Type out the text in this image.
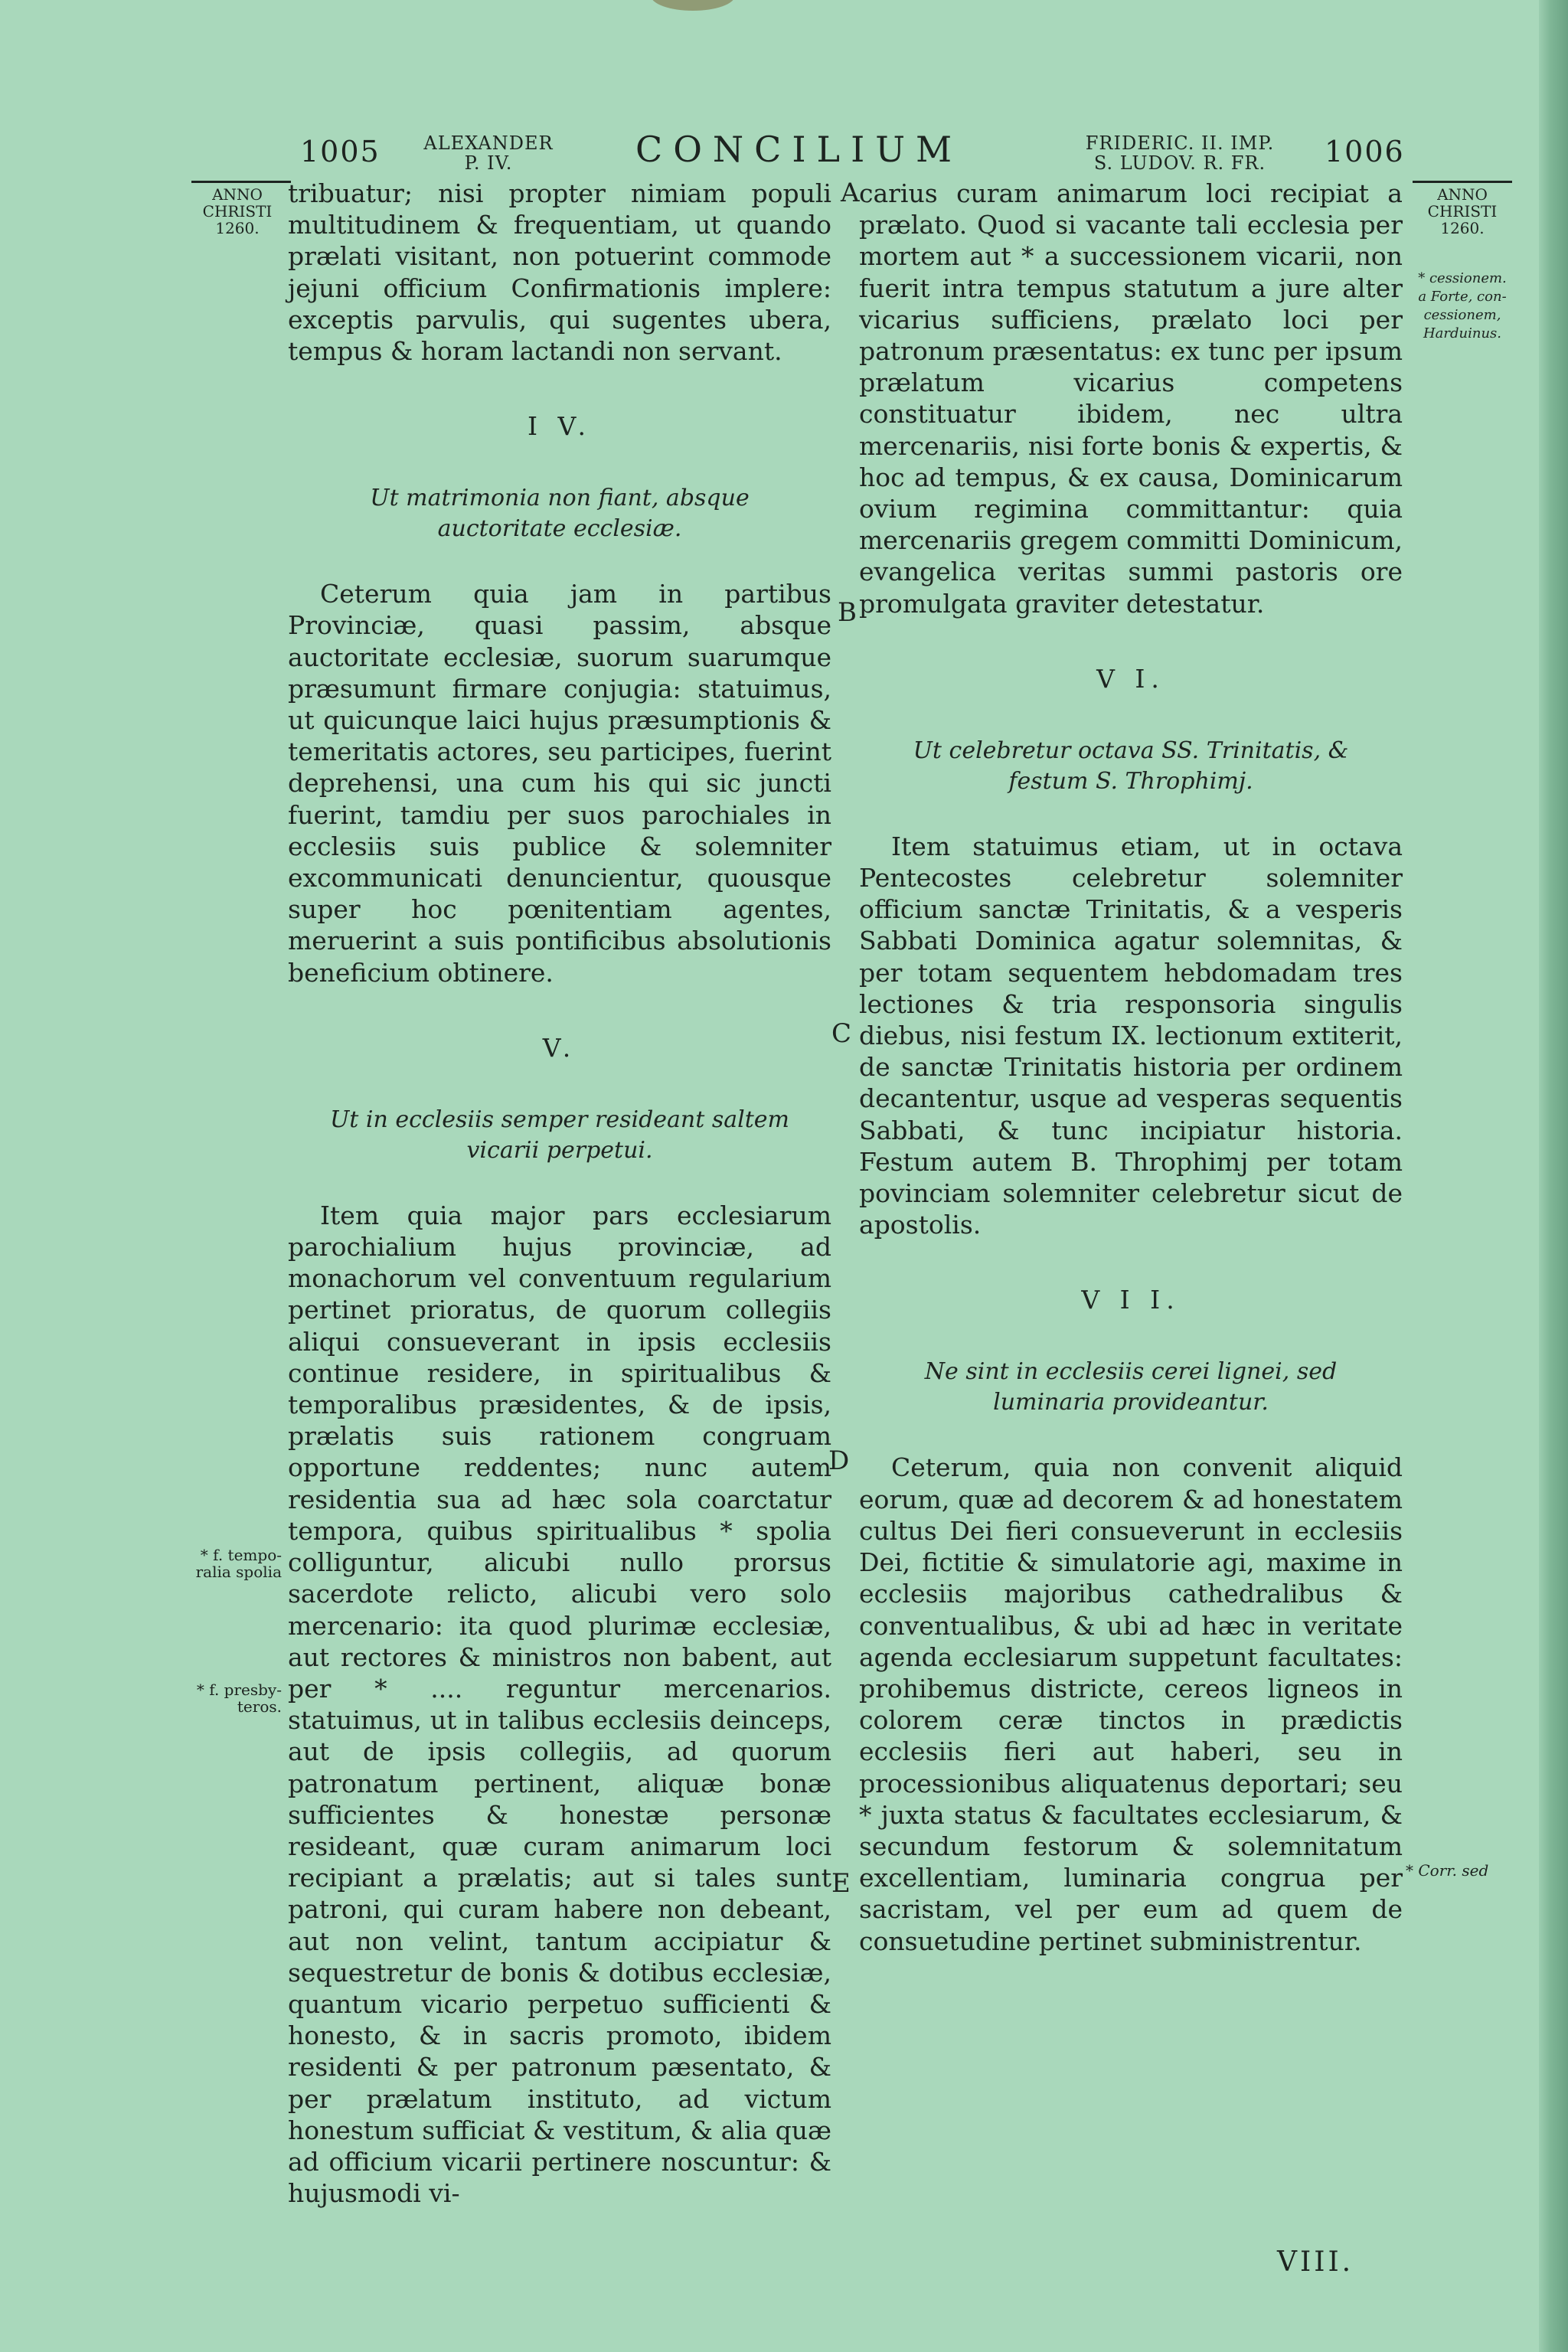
1005 ALEXANDER
P. IV.	CONCILIUM	FRIDERIC. II. IMP.
S. LUDOV. R. FR.	1006

tribuatur; nisi propter nimiam populi multitudinem & frequentiam, ut quando prælati visitant, non potuerint commode jejuni officium Confirmationis implere: exceptis parvulis, qui sugentes ubera, tempus & horam lactandi non servant.

I V.
Ut matrimonia non fiant, absque auctoritate ecclesiæ.

Ceterum quia jam in partibus Provinciæ, quasi passim, absque auctoritate ecclesiæ, suorum suarumque præsumunt firmare conjugia: statuimus, ut quicunque laici hujus præsumptionis & temeritatis actores, seu participes, fuerint deprehensi, una cum his qui sic juncti fuerint, tamdiu per suos parochiales in ecclesiis suis publice & solemniter excommunicati denuncientur, quousque super hoc pœnitentiam agentes, meruerint a suis pontificibus absolutionis beneficium obtinere.

V.
Ut in ecclesiis semper resideant saltem vicarii perpetui.

Item quia major pars ecclesiarum parochialium hujus provinciæ, ad monachorum vel conventuum regularium pertinet prioratus, de quorum collegiis aliqui consueverant in ipsis ecclesiis continue residere, in spiritualibus & temporalibus præsidentes, & de ipsis, prælatis suis rationem congruam opportune reddentes; nunc autem residentia sua ad hæc sola coarctatur tempora, quibus spiritualibus * spolia colliguntur, alicubi nullo prorsus sacerdote relicto, alicubi vero solo mercenario: ita quod plurimæ ecclesiæ, aut rectores & ministros non babent, aut per * .... reguntur mercenarios. statuimus, ut in talibus ecclesiis deinceps, aut de ipsis collegiis, ad quorum patronatum pertinent, aliquæ bonæ sufficientes & honestæ personæ resideant, quæ curam animarum loci recipiant a prælatis; aut si tales sunt patroni, qui curam habere non debeant, aut non velint, tantum accipiatur & sequestretur de bonis & dotibus ecclesiæ, quantum vicario perpetuo sufficienti & honesto, & in sacris promoto, ibidem residenti & per patronum pæsentato, & per prælatum instituto, ad victum honestum sufficiat & vestitum, & alia quæ ad officium vicarii pertinere noscuntur: & hujusmodi vi-

carius curam animarum loci recipiat a prælato. Quod si vacante tali ecclesia per mortem aut * a successionem vicarii, non fuerit intra tempus statutum a jure alter vicarius sufficiens, prælato loci per patronum præsentatus: ex tunc per ipsum prælatum vicarius competens constituatur ibidem, nec ultra mercenariis, nisi forte bonis & expertis, & hoc ad tempus, & ex causa, Dominicarum ovium regimina committantur: quia mercenariis gregem committi Dominicum, evangelica veritas summi pastoris ore promulgata graviter detestatur.

V I.
Ut celebretur octava SS. Trinitatis, & festum S. Throphimj.

Item statuimus etiam, ut in octava Pentecostes celebretur solemniter officium sanctæ Trinitatis, & a vesperis Sabbati Dominica agatur solemnitas, & per totam sequentem hebdomadam tres lectiones & tria responsoria singulis diebus, nisi festum IX. lectionum extiterit, de sanctæ Trinitatis historia per ordinem decantentur, usque ad vesperas sequentis Sabbati, & tunc incipiatur historia. Festum autem B. Throphimj per totam povinciam solemniter celebretur sicut de apostolis.

V I I.
Ne sint in ecclesiis cerei lignei, sed luminaria provideantur.

Ceterum, quia non convenit aliquid eorum, quæ ad decorem & ad honestatem cultus Dei fieri consueverunt in ecclesiis Dei, fictitie & simulatorie agi, maxime in ecclesiis majoribus cathedralibus & conventualibus, & ubi ad hæc in veritate agenda ecclesiarum suppetunt facultates: prohibemus districte, cereos ligneos in colorem ceræ tinctos in prædictis ecclesiis fieri aut haberi, seu in processionibus aliquatenus deportari; seu * juxta status & facultates ecclesiarum, & secundum festorum & solemnitatum excellentiam, luminaria congrua per sacristam, vel per eum ad quem de consuetudine pertinet subministrentur.

A
B
C
D
E
ANNO
CHRISTI
1260.
* f. tempo-
ralia spolia
* f. presby-
teros.
ANNO
CHRISTI
1260.
* cessionem.
a Forte, con-
cessionem,
Harduinus.
* Corr. sed
VIII.
